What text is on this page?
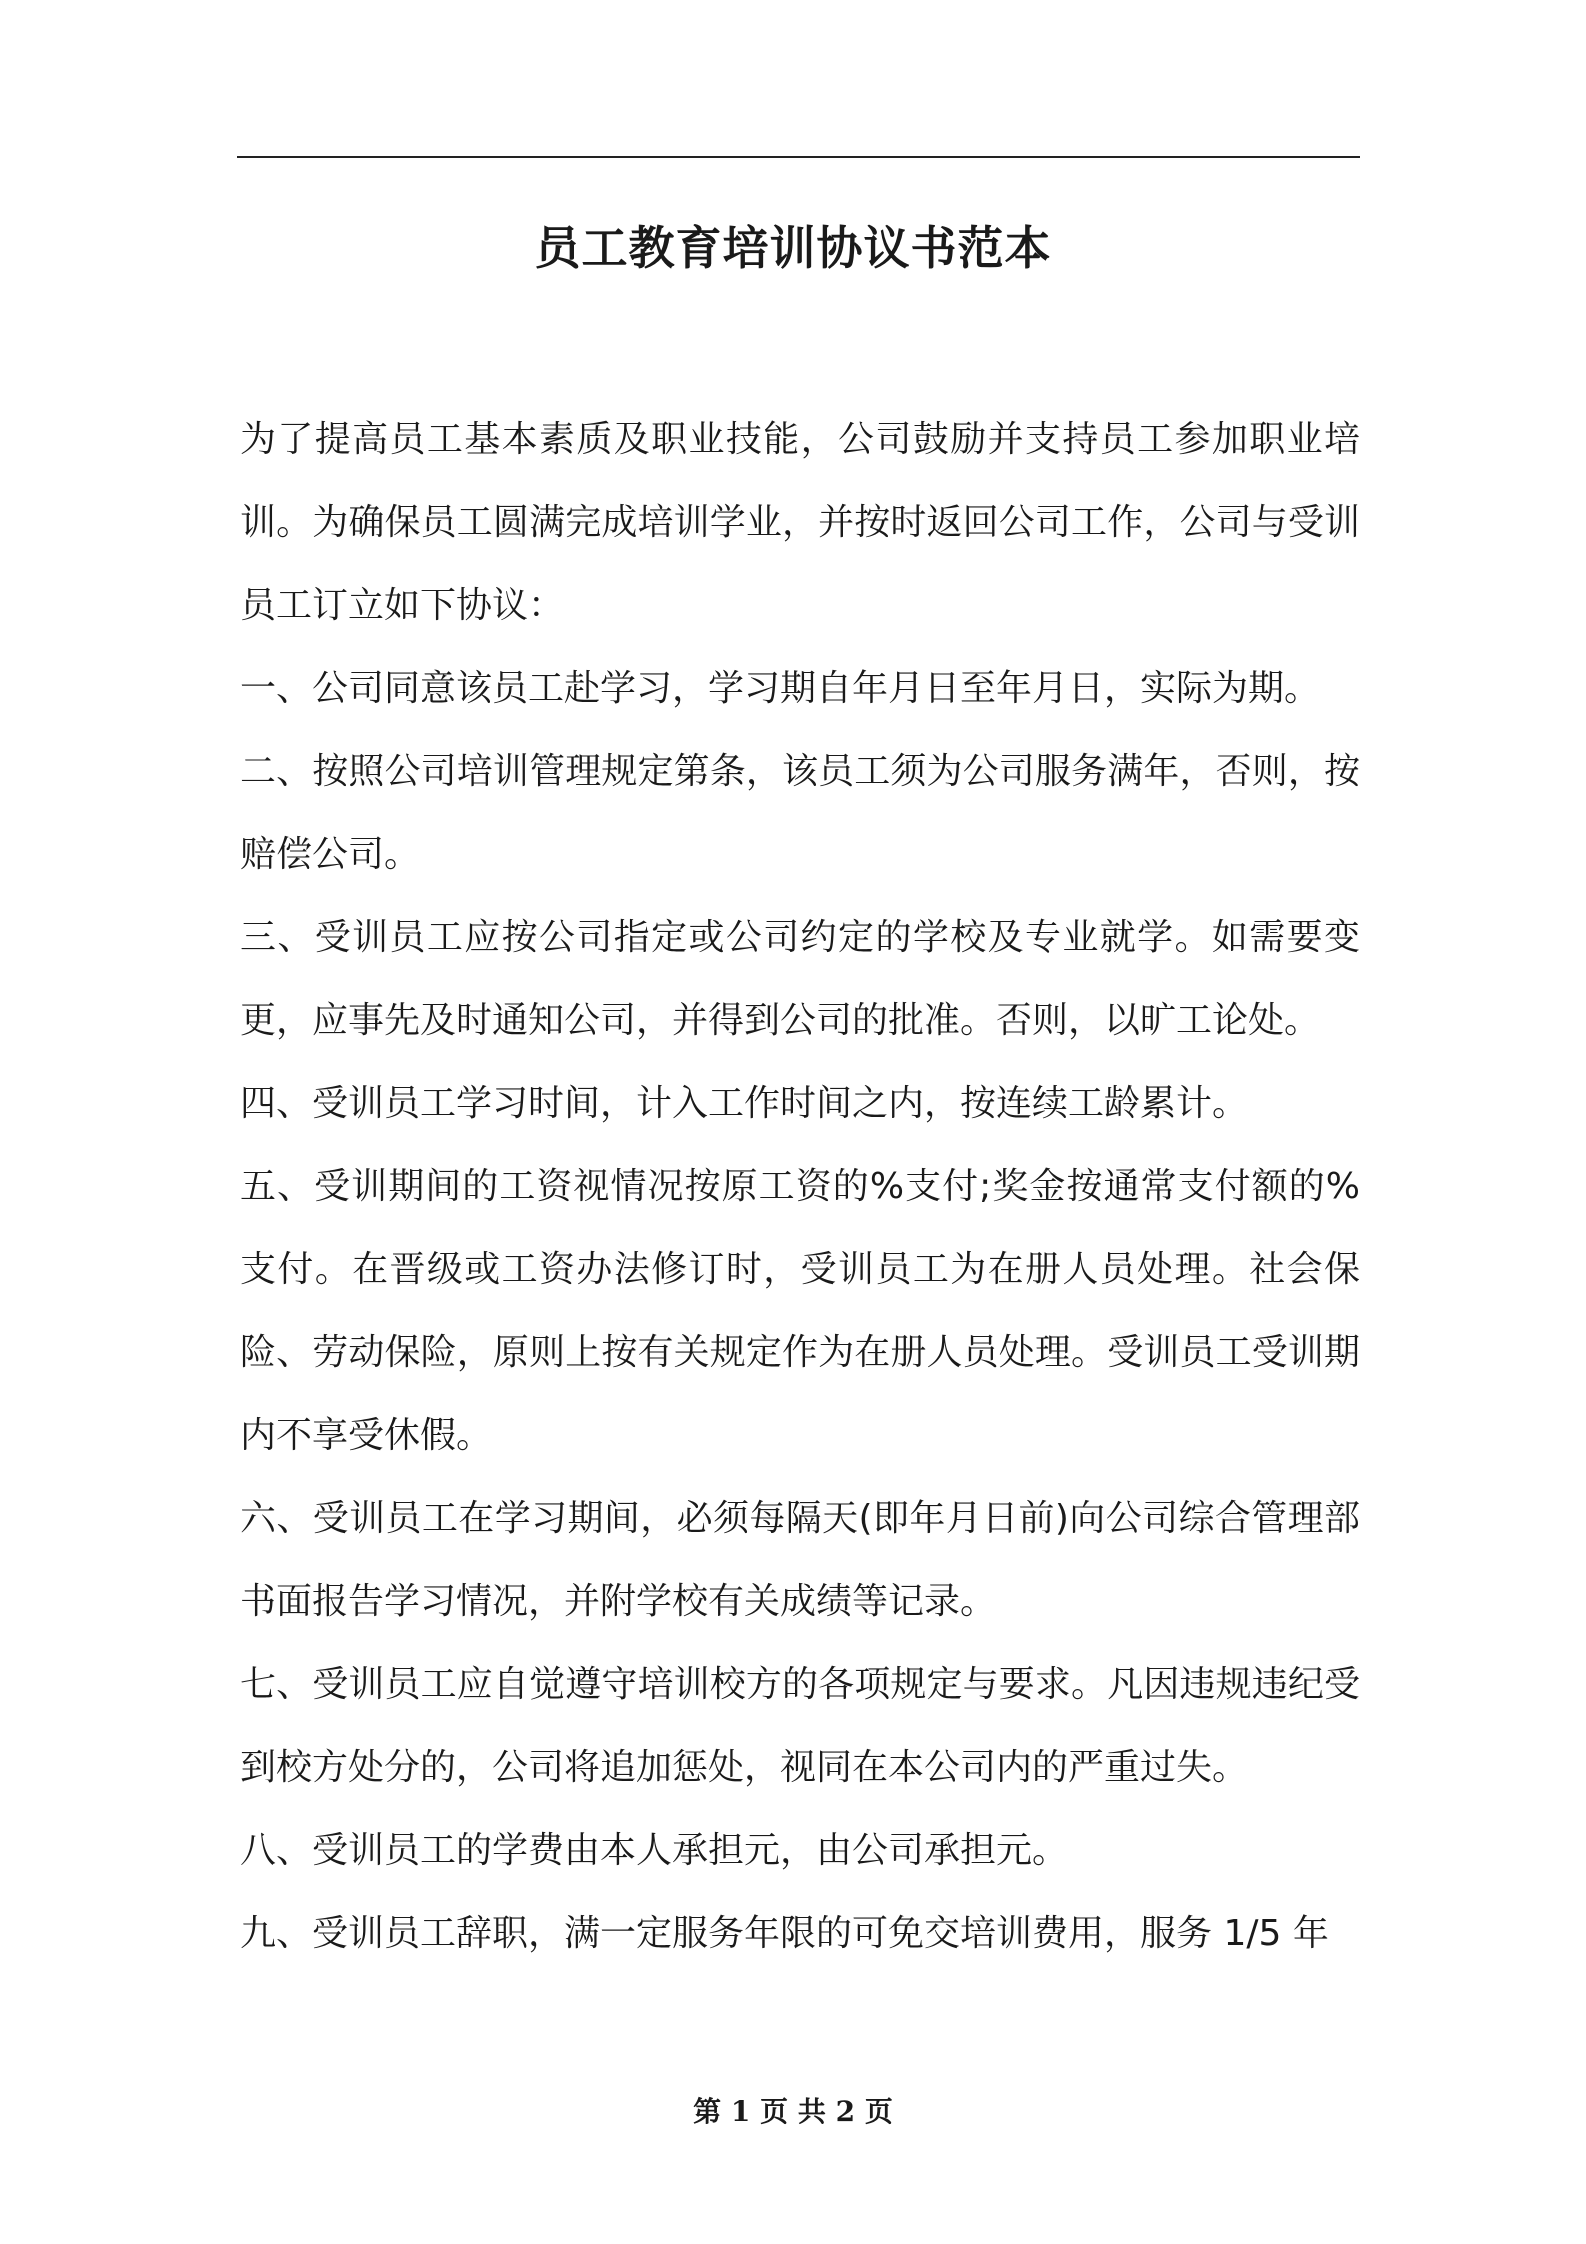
员工教育培训协议书范本

为了提高员工基本素质及职业技能，公司鼓励并支持员工参加职业培训。为确保员工圆满完成培训学业，并按时返回公司工作，公司与受训员工订立如下协议：

一、公司同意该员工赴学习，学习期自年月日至年月日，实际为期。

二、按照公司培训管理规定第条，该员工须为公司服务满年，否则，按赔偿公司。

三、受训员工应按公司指定或公司约定的学校及专业就学。如需要变更，应事先及时通知公司，并得到公司的批准。否则，以旷工论处。

四、受训员工学习时间，计入工作时间之内，按连续工龄累计。

五、受训期间的工资视情况按原工资的%支付;奖金按通常支付额的%支付。在晋级或工资办法修订时，受训员工为在册人员处理。社会保险、劳动保险，原则上按有关规定作为在册人员处理。受训员工受训期内不享受休假。

六、受训员工在学习期间，必须每隔天(即年月日前)向公司综合管理部书面报告学习情况，并附学校有关成绩等记录。

七、受训员工应自觉遵守培训校方的各项规定与要求。凡因违规违纪受到校方处分的，公司将追加惩处，视同在本公司内的严重过失。

八、受训员工的学费由本人承担元，由公司承担元。

九、受训员工辞职，满一定服务年限的可免交培训费用，服务 1/5 年

第 1 页 共 2 页
